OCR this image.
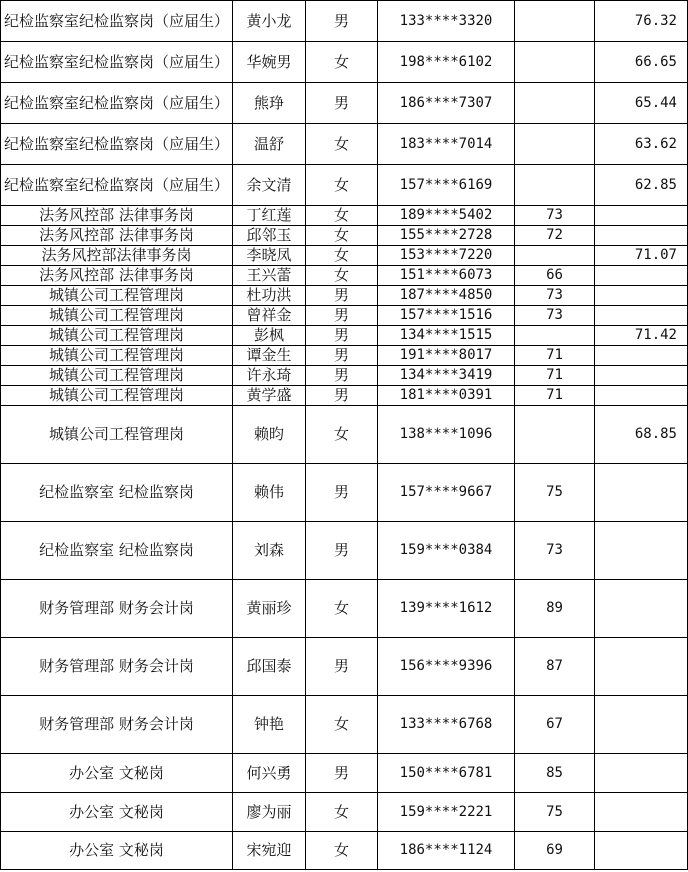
纪检监察室纪检监察岗（应届生）	黄小龙	男	133****3320		76.32
纪检监察室纪检监察岗（应届生）	华婉男	女	198****6102		66.65
纪检监察室纪检监察岗（应届生）	熊琤	男	186****7307		65.44
纪检监察室纪检监察岗（应届生）	温舒	女	183****7014		63.62
纪检监察室纪检监察岗（应届生）	余文清	女	157****6169		62.85
法务风控部 法律事务岗	丁红莲	女	189****5402	73	
法务风控部 法律事务岗	邱邻玉	女	155****2728	72	
法务风控部法律事务岗	李晓凤	女	153****7220		71.07
法务风控部 法律事务岗	王兴蕾	女	151****6073	66	
城镇公司工程管理岗	杜功洪	男	187****4850	73	
城镇公司工程管理岗	曾祥金	男	157****1516	73	
城镇公司工程管理岗	彭枫	男	134****1515		71.42
城镇公司工程管理岗	谭金生	男	191****8017	71	
城镇公司工程管理岗	许永琦	男	134****3419	71	
城镇公司工程管理岗	黄学盛	男	181****0391	71	
城镇公司工程管理岗	赖昀	女	138****1096		68.85
纪检监察室 纪检监察岗	赖伟	男	157****9667	75	
纪检监察室 纪检监察岗	刘森	男	159****0384	73	
财务管理部 财务会计岗	黄丽珍	女	139****1612	89	
财务管理部 财务会计岗	邱国泰	男	156****9396	87	
财务管理部 财务会计岗	钟艳	女	133****6768	67	
办公室 文秘岗	何兴勇	男	150****6781	85	
办公室 文秘岗	廖为丽	女	159****2221	75	
办公室 文秘岗	宋宛迎	女	186****1124	69	
